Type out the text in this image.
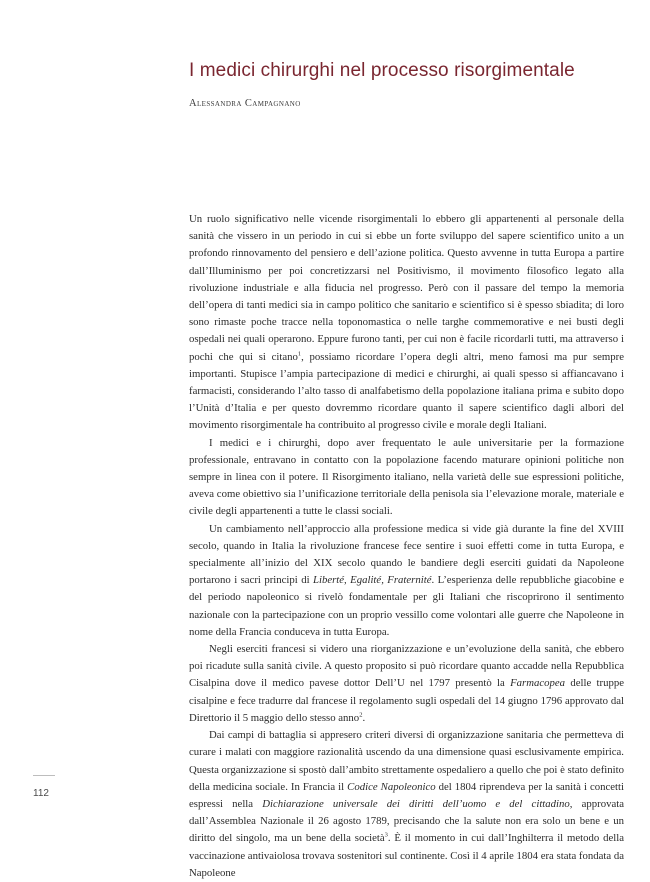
I medici chirurghi nel processo risorgimentale
Alessandra Campagnano

Un ruolo significativo nelle vicende risorgimentali lo ebbero gli appartenenti al personale della sanità che vissero in un periodo in cui si ebbe un forte sviluppo del sapere scientifico unito a un profondo rinnovamento del pensiero e dell’azione politica. Questo avvenne in tutta Europa a partire dall’Illuminismo per poi concretizzarsi nel Positivismo, il movimento filosofico legato alla rivoluzione industriale e alla fiducia nel progresso. Però con il passare del tempo la memoria dell’opera di tanti medici sia in campo politico che sanitario e scientifico si è spesso sbiadita; di loro sono rimaste poche tracce nella toponomastica o nelle targhe commemorative e nei busti degli ospedali nei quali operarono. Eppure furono tanti, per cui non è facile ricordarli tutti, ma attraverso i pochi che qui si citano$^1$, possiamo ricordare l’opera degli altri, meno famosi ma pur sempre importanti. Stupisce l’ampia partecipazione di medici e chirurghi, ai quali spesso si affiancavano i farmacisti, considerando l’alto tasso di analfabetismo della popolazione italiana prima e subito dopo l’Unità d’Italia e per questo dovremmo ricordare quanto il sapere scientifico dagli albori del movimento risorgimentale ha contribuito al progresso civile e morale degli Italiani.

I medici e i chirurghi, dopo aver frequentato le aule universitarie per la formazione professionale, entravano in contatto con la popolazione facendo maturare opinioni politiche non sempre in linea con il potere. Il Risorgimento italiano, nella varietà delle sue espressioni politiche, aveva come obiettivo sia l’unificazione territoriale della penisola sia l’elevazione morale, materiale e civile degli appartenenti a tutte le classi sociali.

Un cambiamento nell’approccio alla professione medica si vide già durante la fine del XVIII secolo, quando in Italia la rivoluzione francese fece sentire i suoi effetti come in tutta Europa, e specialmente all’inizio del XIX secolo quando le bandiere degli eserciti guidati da Napoleone portarono i sacri principi di Liberté, Egalité, Fraternité. L’esperienza delle repubbliche giacobine e del periodo napoleonico si rivelò fondamentale per gli Italiani che riscoprirono il sentimento nazionale con la partecipazione con un proprio vessillo come volontari alle guerre che Napoleone in nome della Francia conduceva in tutta Europa.

Negli eserciti francesi si videro una riorganizzazione e un’evoluzione della sanità, che ebbero poi ricadute sulla sanità civile. A questo proposito si può ricordare quanto accadde nella Repubblica Cisalpina dove il medico pavese dottor Dell’U nel 1797 presentò la Farmacopea delle truppe cisalpine e fece tradurre dal francese il regolamento sugli ospedali del 14 giugno 1796 approvato dal Direttorio il 5 maggio dello stesso anno$^2$.

Dai campi di battaglia si appresero criteri diversi di organizzazione sanitaria che permetteva di curare i malati con maggiore razionalità uscendo da una dimensione quasi esclusivamente empirica. Questa organizzazione si spostò dall’ambito strettamente ospedaliero a quello che poi è stato definito della medicina sociale. In Francia il Codice Napoleonico del 1804 riprendeva per la sanità i concetti espressi nella Dichiarazione universale dei diritti dell’uomo e del cittadino, approvata dall’Assemblea Nazionale il 26 agosto 1789, precisando che la salute non era solo un bene e un diritto del singolo, ma un bene della società$^3$. È il momento in cui dall’Inghilterra il metodo della vaccinazione antivaiolosa trovava sostenitori sul continente. Così il 4 aprile 1804 era stata fondata da Napoleone

112
